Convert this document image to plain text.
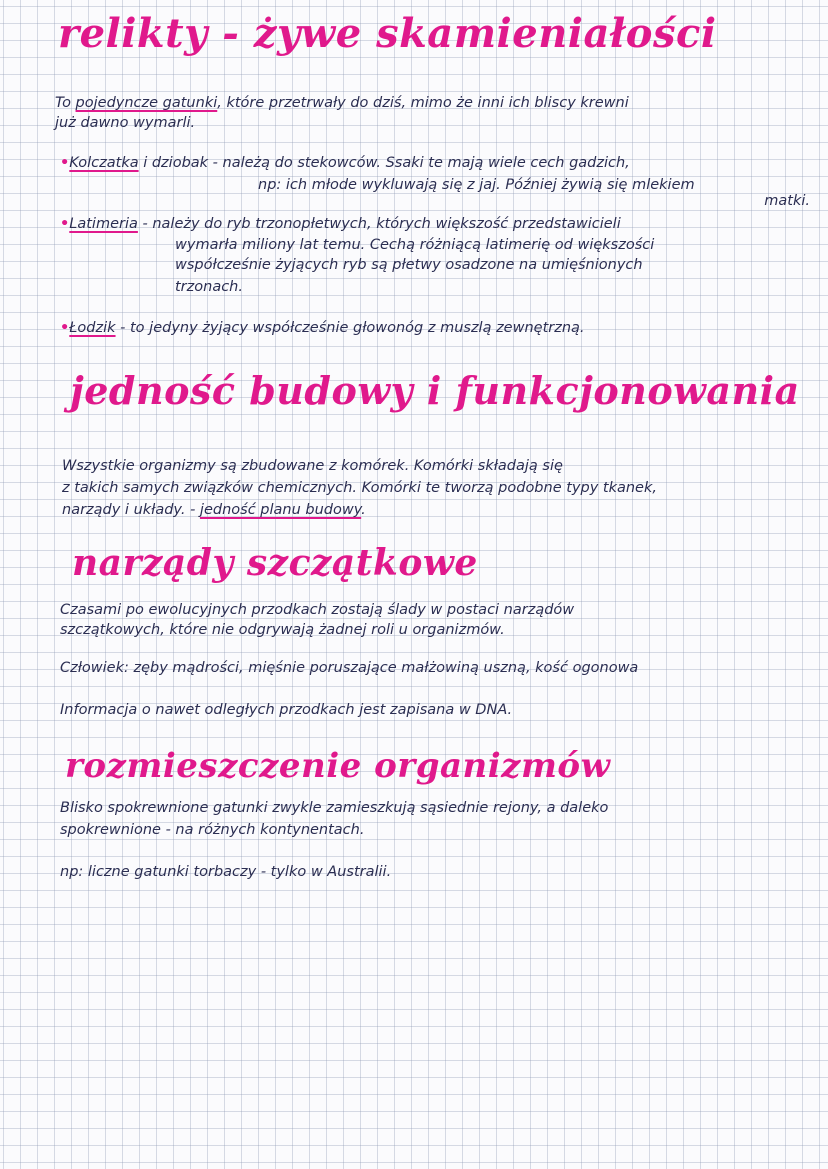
relikty - żywe skamieniałości

To pojedyncze gatunki, które przetrwały do dziś, mimo że inni ich bliscy krewni

już dawno wymarli.

•Kolczatka i dziobak - należą do stekowców. Ssaki te mają wiele cech gadzich,

np: ich młode wykluwają się z jaj. Później żywią się mlekiem

matki.

•Latimeria - należy do ryb trzonopłetwych, których większość przedstawicieli

wymarła miliony lat temu. Cechą różniącą latimerię od większości

współcześnie żyjących ryb są płetwy osadzone na umięśnionych

trzonach.

•Łodzik - to jedyny żyjący współcześnie głowonóg z muszlą zewnętrzną.

jedność budowy i funkcjonowania

Wszystkie organizmy są zbudowane z komórek. Komórki składają się

z takich samych związków chemicznych. Komórki te tworzą podobne typy tkanek,

narządy i układy. - jedność planu budowy.

narządy szczątkowe

Czasami po ewolucyjnych przodkach zostają ślady w postaci narządów

szczątkowych, które nie odgrywają żadnej roli u organizmów.

Człowiek: zęby mądrości, mięśnie poruszające małżowiną uszną, kość ogonowa

Informacja o nawet odległych przodkach jest zapisana w DNA.

rozmieszczenie organizmów

Blisko spokrewnione gatunki zwykle zamieszkują sąsiednie rejony, a daleko

spokrewnione - na różnych kontynentach.

np: liczne gatunki torbaczy - tylko w Australii.
